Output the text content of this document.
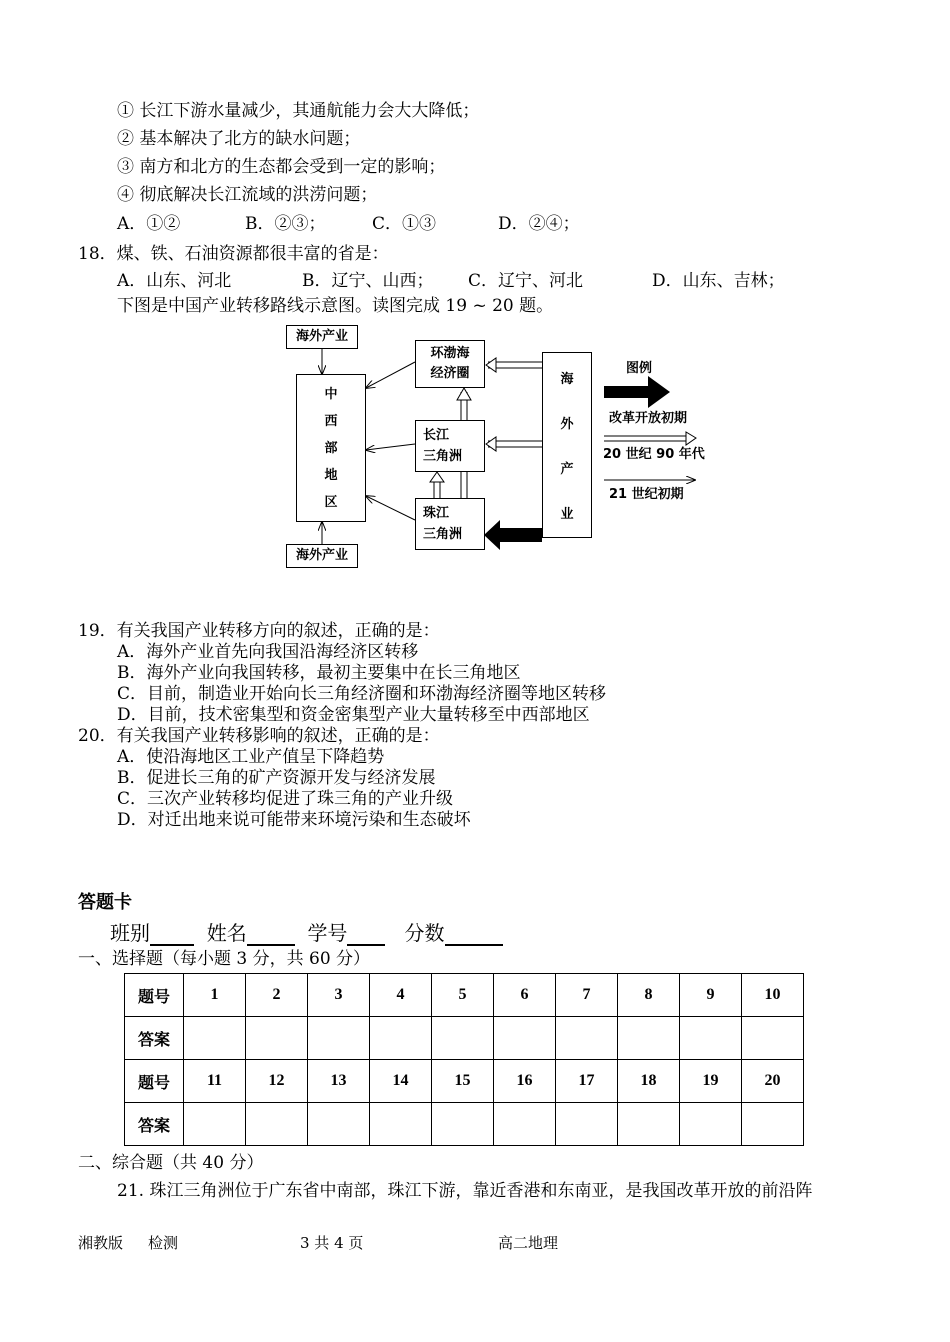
① 长江下游水量减少，其通航能力会大大降低；
② 基本解决了北方的缺水问题；
③ 南方和北方的生态都会受到一定的影响；
④ 彻底解决长江流域的洪涝问题；
A．①②	B．②③；	C．①③	D．②④；
18．煤、铁、石油资源都很丰富的省是：
A．山东、河北	B．辽宁、山西； C．辽宁、河北	D．山东、吉林；
下图是中国产业转移路线示意图。读图完成 19 ~ 20 题。
海外产业
中
西
部
地
区
海外产业
环渤海
经济圈
长江
三角洲
珠江
三角洲
海
外
产
业
图例
改革开放初期
20 世纪 90 年代
21 世纪初期
19．有关我国产业转移方向的叙述，正确的是：
A．海外产业首先向我国沿海经济区转移
B．海外产业向我国转移，最初主要集中在长三角地区
C．目前，制造业开始向长三角经济圈和环渤海经济圈等地区转移
D．目前，技术密集型和资金密集型产业大量转移至中西部地区
20．有关我国产业转移影响的叙述，正确的是：
A．使沿海地区工业产值呈下降趋势
B．促进长三角的矿产资源开发与经济发展
C．三次产业转移均促进了珠三角的产业升级
D．对迁出地来说可能带来环境污染和生态破坏
答题卡
班别	姓名	学号	分数
一、选择题（每小题 3 分，共 60 分）
题号	1	2	3	4	5	6	7	8	9	10
答案										
题号	11	12	13	14	15	16	17	18	19	20
答案										
二、综合题（共 40 分）
21. 珠江三角洲位于广东省中南部，珠江下游，靠近香港和东南亚，是我国改革开放的前沿阵
湘教版 检测	3 共 4 页	高二地理
